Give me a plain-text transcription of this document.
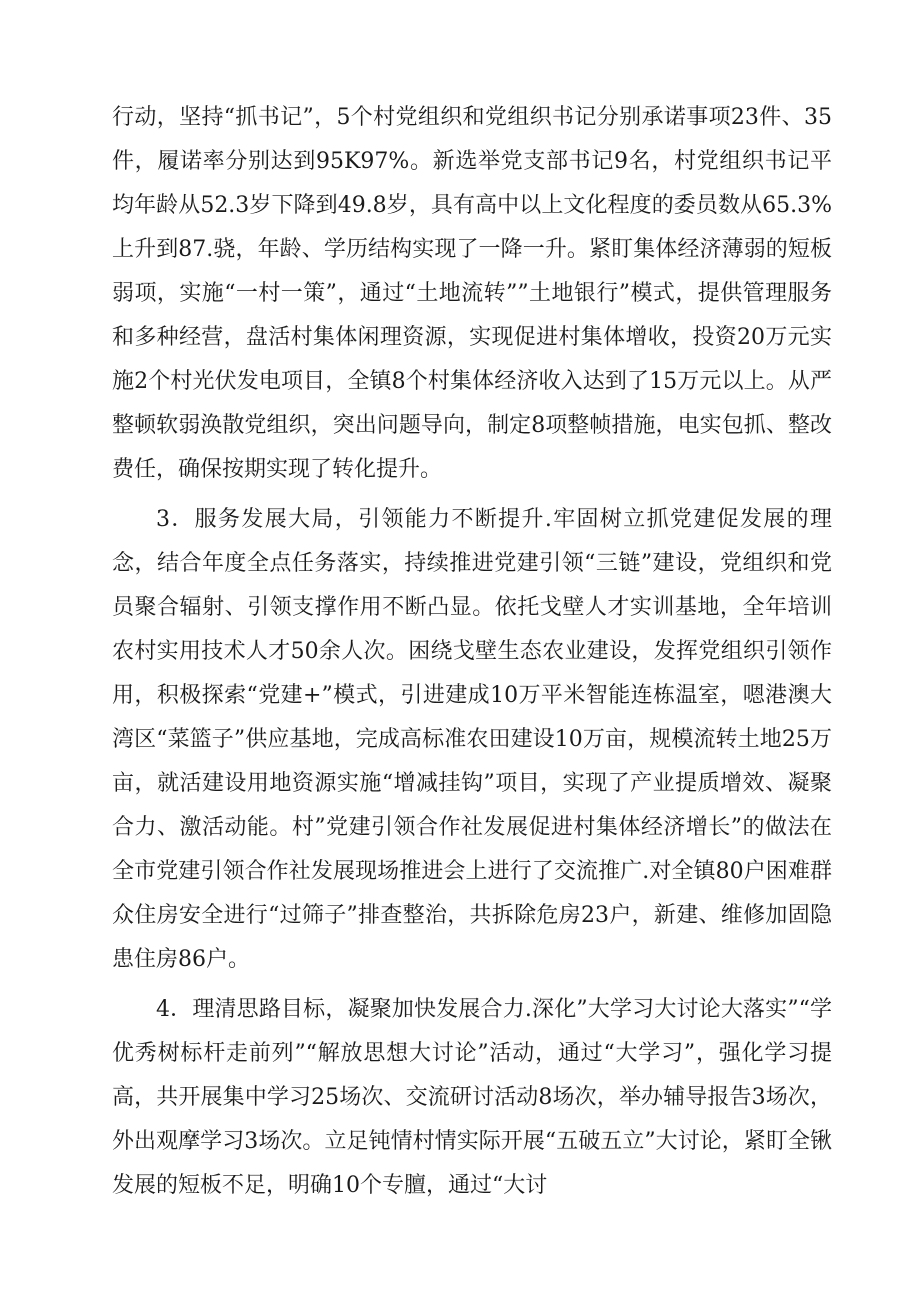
行动，坚持“抓书记”，5个村党组织和党组织书记分别承诺事项23件、35件，履诺率分别达到95K97%。新选举党支部书记9名，村党组织书记平均年龄从52.3岁下降到49.8岁，具有高中以上文化程度的委员数从65.3%上升到87.骁，年龄、学历结构实现了一降一升。紧盯集体经济薄弱的短板弱项，实施“一村一策”，通过“土地流转””土地银行”模式，提供管理服务和多种经营，盘活村集体闲理资源，实现促进村集体增收，投资20万元实施2个村光伏发电项目，全镇8个村集体经济收入达到了15万元以上。从严整顿软弱涣散党组织，突出问题导向，制定8项整帧措施，电实包抓、整改费任，确保按期实现了转化提升。

3．服务发展大局，引领能力不断提升.牢固树立抓党建促发展的理念，结合年度全点任务落实，持续推进党建引领“三链”建设，党组织和党员聚合辐射、引领支撑作用不断凸显。依托戈壁人才实训基地，全年培训农村实用技术人才50余人次。困绕戈壁生态农业建设，发挥党组织引领作用，积极探索“党建+”模式，引进建成10万平米智能连栋温室，嗯港澳大湾区“菜篮子”供应基地，完成高标准农田建设10万亩，规模流转土地25万亩，就活建设用地资源实施“增减挂钩”项目，实现了产业提质增效、凝聚合力、激活动能。村”党建引领合作社发展促进村集体经济增长”的做法在全市党建引领合作社发展现场推进会上进行了交流推广.对全镇80户困难群众住房安全进行“过筛子”排查整治，共拆除危房23户，新建、维修加固隐患住房86户。

4．理清思路目标，凝聚加快发展合力.深化”大学习大讨论大落实”“学优秀树标杆走前列”“解放思想大讨论”活动，通过“大学习”，强化学习提高，共开展集中学习25场次、交流研讨活动8场次，举办辅导报告3场次，外出观摩学习3场次。立足钝情村情实际开展“五破五立”大讨论，紧盯全锹发展的短板不足，明确10个专膻，通过“大讨
